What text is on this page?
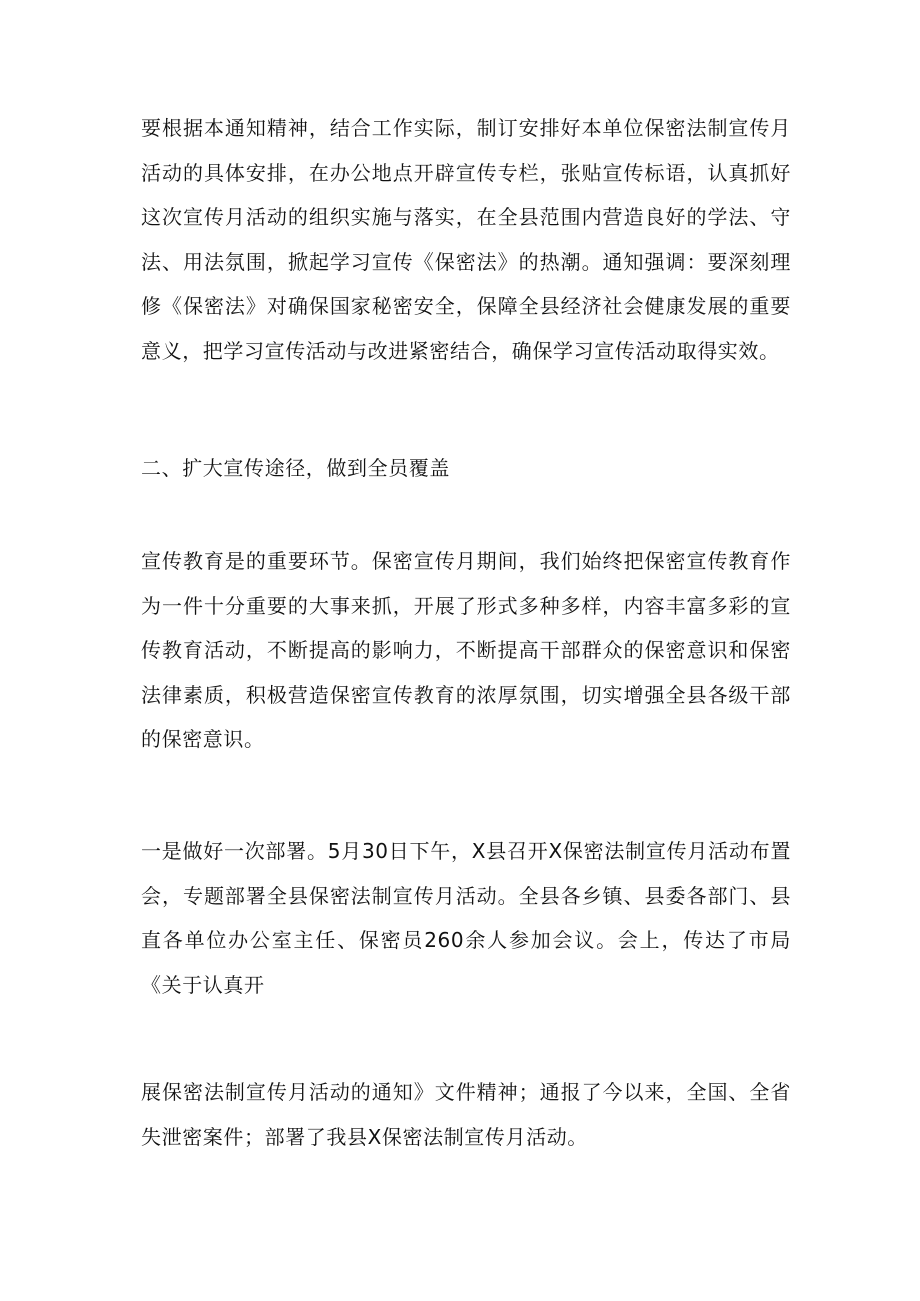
要根据本通知精神，结合工作实际，制订安排好本单位保密法制宣传月活动的具体安排，在办公地点开辟宣传专栏，张贴宣传标语，认真抓好这次宣传月活动的组织实施与落实，在全县范围内营造良好的学法、守法、用法氛围，掀起学习宣传《保密法》的热潮。通知强调：要深刻理修《保密法》对确保国家秘密安全，保障全县经济社会健康发展的重要意义，把学习宣传活动与改进紧密结合，确保学习宣传活动取得实效。

二、扩大宣传途径，做到全员覆盖

宣传教育是的重要环节。保密宣传月期间，我们始终把保密宣传教育作为一件十分重要的大事来抓，开展了形式多种多样，内容丰富多彩的宣传教育活动，不断提高的影响力，不断提高干部群众的保密意识和保密法律素质，积极营造保密宣传教育的浓厚氛围，切实增强全县各级干部的保密意识。

一是做好一次部署。5月30日下午，X县召开X保密法制宣传月活动布置会，专题部署全县保密法制宣传月活动。全县各乡镇、县委各部门、县直各单位办公室主任、保密员260余人参加会议。会上，传达了市局《关于认真开

展保密法制宣传月活动的通知》文件精神；通报了今以来，全国、全省失泄密案件；部署了我县X保密法制宣传月活动。
